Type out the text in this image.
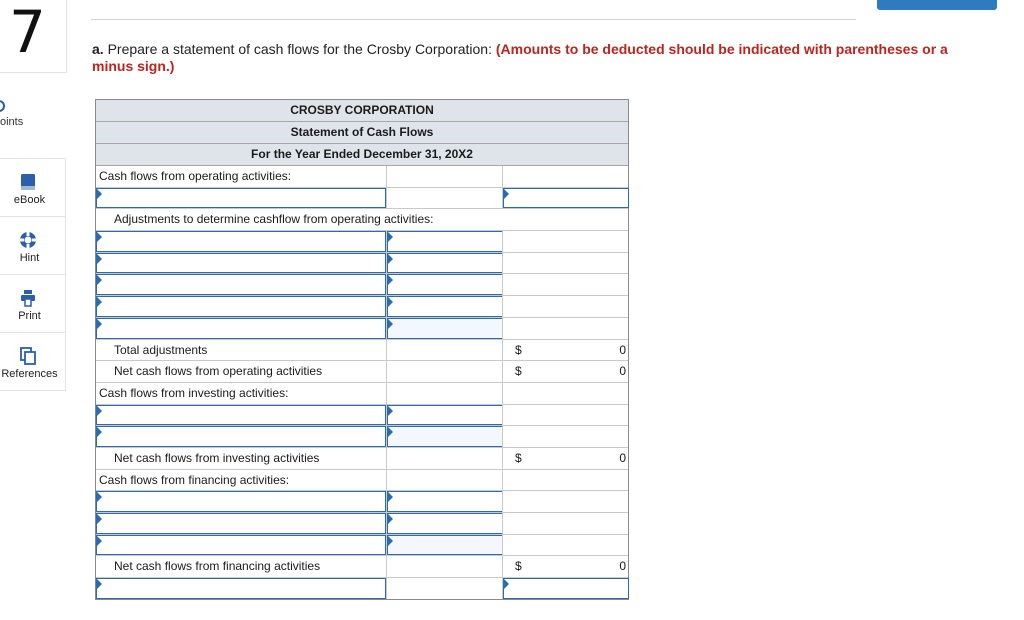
7
oints
eBook
Hint
Print
References
a. Prepare a statement of cash flows for the Crosby Corporation: (Amounts to be deducted should be indicated with parentheses or a minus sign.)
CROSBY CORPORATION
Statement of Cash Flows
For the Year Ended December 31, 20X2
Cash flows from operating activities:
Adjustments to determine cashflow from operating activities:
Total adjustments	$	0
Net cash flows from operating activities	$	0
Cash flows from investing activities:
Net cash flows from investing activities	$	0
Cash flows from financing activities:
Net cash flows from financing activities	$	0
